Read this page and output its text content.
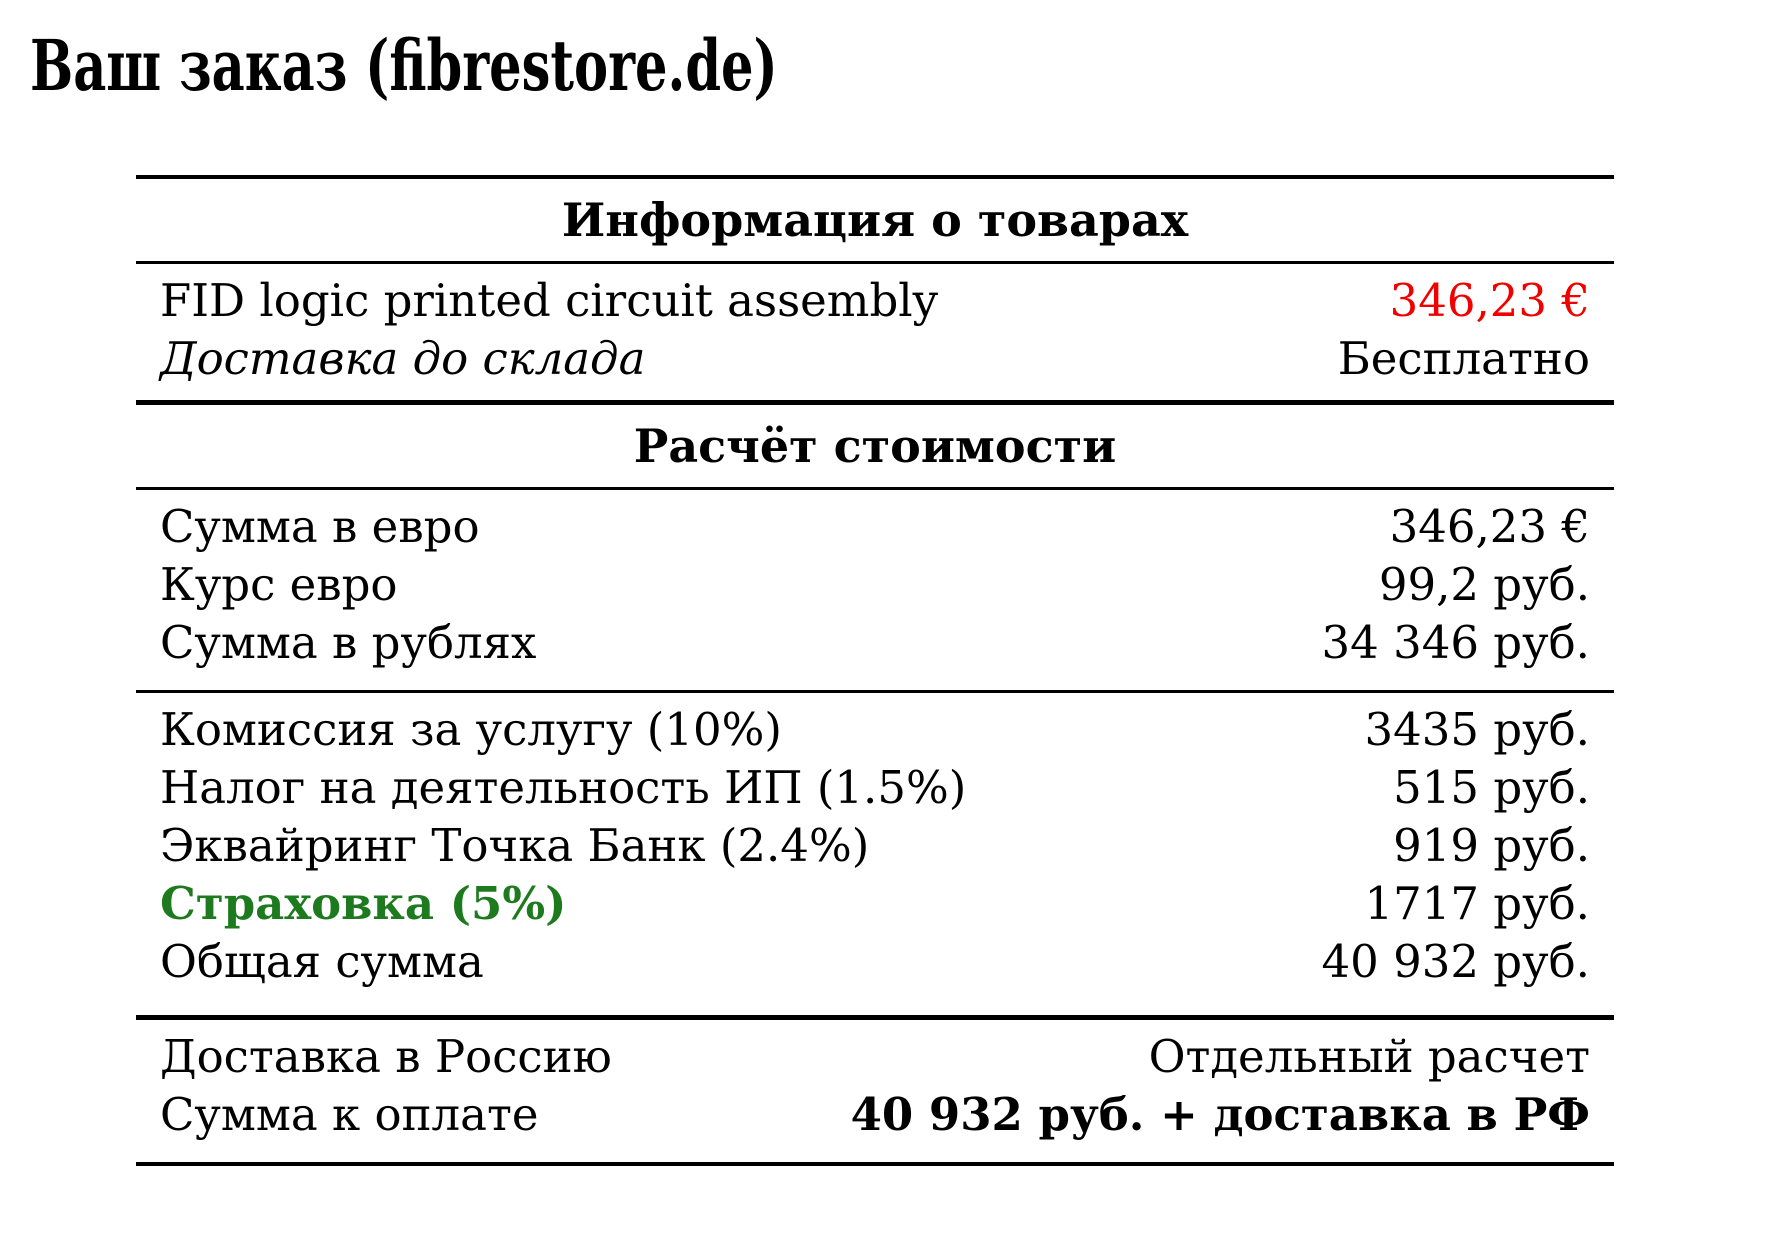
Ваш заказ (fibrestore.de)
Информация о товарах
FID logic printed circuit assembly	346,23 €
Доставка до склада	Бесплатно
Расчёт стоимости
Сумма в евро	346,23 €
Курс евро	99,2 руб.
Сумма в рублях	34 346 руб.
Комиссия за услугу (10%)	3435 руб.
Налог на деятельность ИП (1.5%)	515 руб.
Эквайринг Точка Банк (2.4%)	919 руб.
Страховка (5%)	1717 руб.
Общая сумма	40 932 руб.
Доставка в Россию	Отдельный расчет
Сумма к оплате	40 932 руб. + доставка в РФ
